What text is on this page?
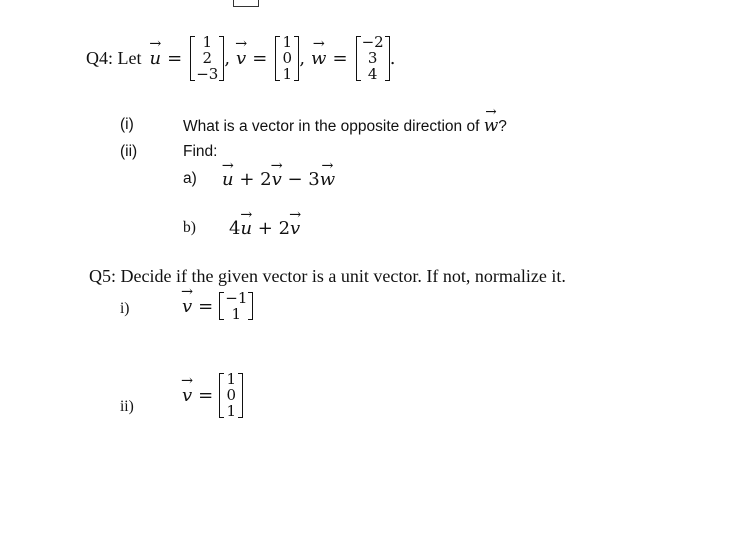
Q4: Let → u =
1
2
−3
, → v =
1
0
1
, → w =
−2
3
4
.
(i)	What is a vector in the opposite direction of → w?
(ii)	Find:
a) → u + 2→ v − 3→ w
b) 4→ u + 2→ v
Q5: Decide if the given vector is a unit vector. If not, normalize it.
i)	→ v = −1
1
ii)
→ v =
1
0
1
